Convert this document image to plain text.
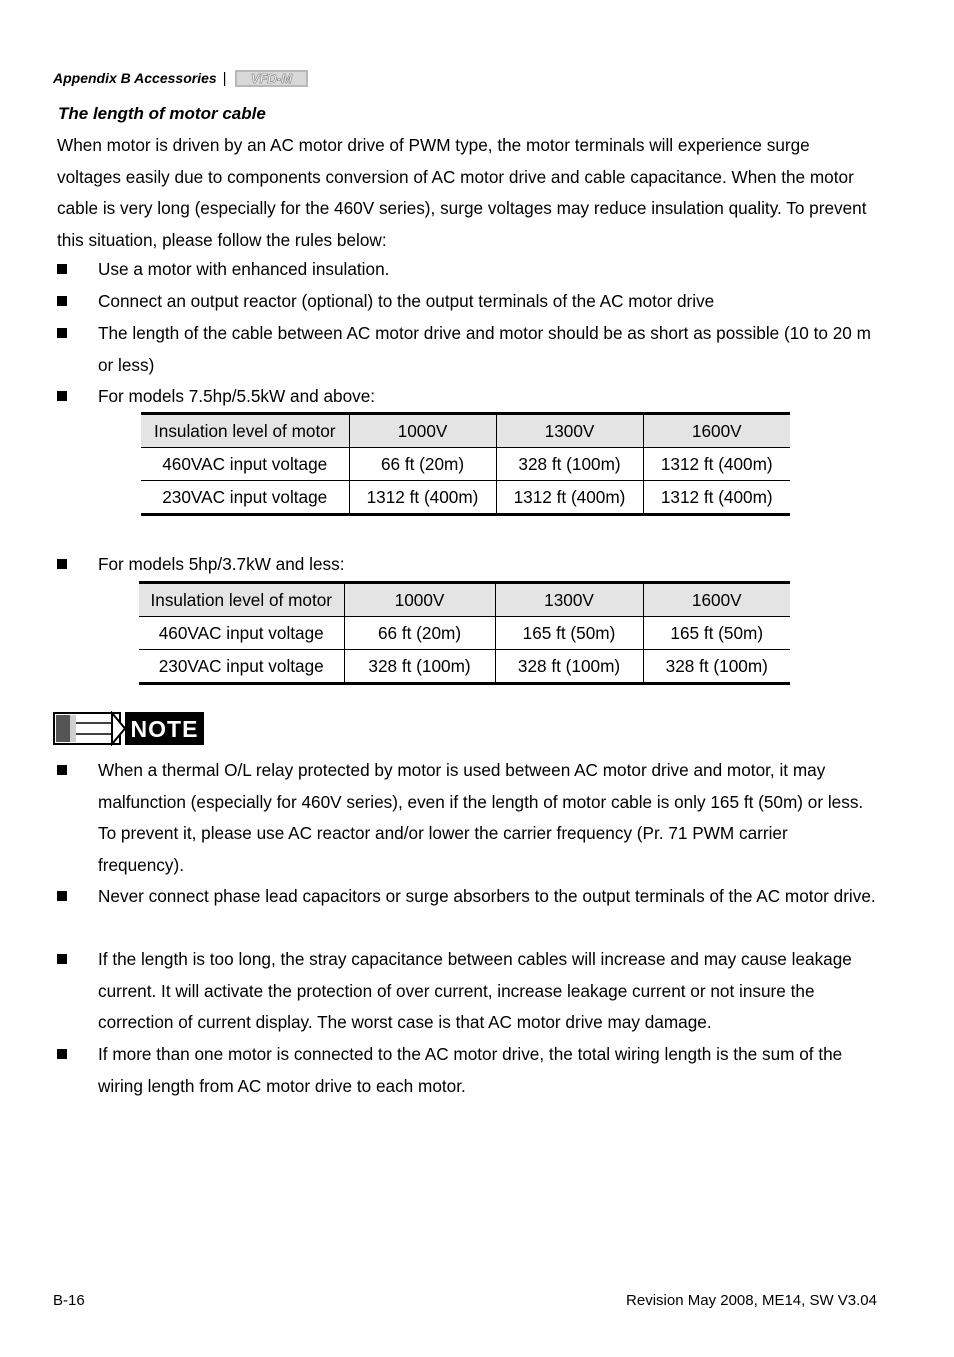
Appendix B Accessories | VFD-M
The length of motor cable
When motor is driven by an AC motor drive of PWM type, the motor terminals will experience surge voltages easily due to components conversion of AC motor drive and cable capacitance. When the motor cable is very long (especially for the 460V series), surge voltages may reduce insulation quality. To prevent this situation, please follow the rules below:
Use a motor with enhanced insulation.
Connect an output reactor (optional) to the output terminals of the AC motor drive
The length of the cable between AC motor drive and motor should be as short as possible (10 to 20 m or less)
For models 7.5hp/5.5kW and above:
Insulation level of motor	1000V	1300V	1600V
460VAC input voltage	66 ft (20m)	328 ft (100m)	1312 ft (400m)
230VAC input voltage	1312 ft (400m)	1312 ft (400m)	1312 ft (400m)
For models 5hp/3.7kW and less:
Insulation level of motor	1000V	1300V	1600V
460VAC input voltage	66 ft (20m)	165 ft (50m)	165 ft (50m)
230VAC input voltage	328 ft (100m)	328 ft (100m)	328 ft (100m)
NOTE
When a thermal O/L relay protected by motor is used between AC motor drive and motor, it may malfunction (especially for 460V series), even if the length of motor cable is only 165 ft (50m) or less. To prevent it, please use AC reactor and/or lower the carrier frequency (Pr. 71 PWM carrier frequency).
Never connect phase lead capacitors or surge absorbers to the output terminals of the AC motor drive.
If the length is too long, the stray capacitance between cables will increase and may cause leakage current. It will activate the protection of over current, increase leakage current or not insure the correction of current display. The worst case is that AC motor drive may damage.
If more than one motor is connected to the AC motor drive, the total wiring length is the sum of the wiring length from AC motor drive to each motor.
B-16	Revision May 2008, ME14, SW V3.04
